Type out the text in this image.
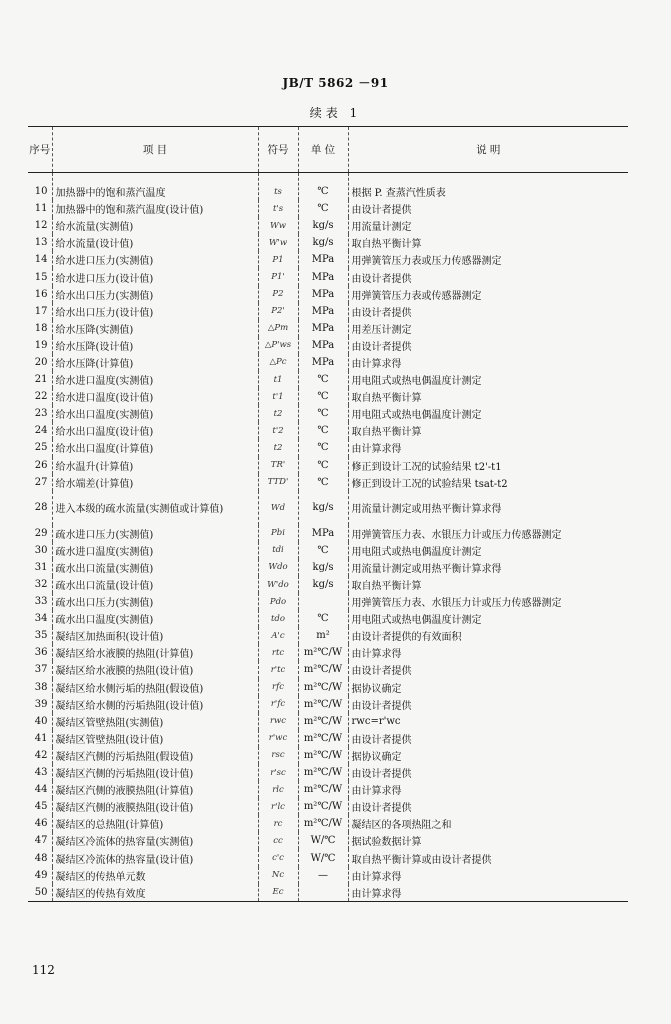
JB/T 5862 －91
续表 1
序号	项 目	符号	单 位	说 明
10	加热器中的饱和蒸汽温度	ts	℃	根据 P. 查蒸汽性质表
11	加热器中的饱和蒸汽温度(设计值)	t's	℃	由设计者提供
12	给水流量(实测值)	Ww	kg/s	用流量计测定
13	给水流量(设计值)	W'w	kg/s	取自热平衡计算
14	给水进口压力(实测值)	P1	MPa	用弹簧管压力表或压力传感器测定
15	给水进口压力(设计值)	P1'	MPa	由设计者提供
16	给水出口压力(实测值)	P2	MPa	用弹簧管压力表或传感器测定
17	给水出口压力(设计值)	P2'	MPa	由设计者提供
18	给水压降(实测值)	△Pm	MPa	用差压计测定
19	给水压降(设计值)	△P'ws	MPa	由设计者提供
20	给水压降(计算值)	△Pc	MPa	由计算求得
21	给水进口温度(实测值)	t1	℃	用电阻式或热电偶温度计测定
22	给水进口温度(设计值)	t'1	℃	取自热平衡计算
23	给水出口温度(实测值)	t2	℃	用电阻式或热电偶温度计测定
24	给水出口温度(设计值)	t'2	℃	取自热平衡计算
25	给水出口温度(计算值)	t2	℃	由计算求得
26	给水温升(计算值)	TR'	℃	修正到设计工况的试验结果 t2'-t1
27	给水端差(计算值)	TTD'	℃	修正到设计工况的试验结果 tsat-t2
28	进入本级的疏水流量(实测值或计算值)	Wd	kg/s	用流量计测定或用热平衡计算求得
29	疏水进口压力(实测值)	Pbi	MPa	用弹簧管压力表、水银压力计或压力传感器测定
30	疏水进口温度(实测值)	tdi	℃	用电阻式或热电偶温度计测定
31	疏水出口流量(实测值)	Wdo	kg/s	用流量计测定或用热平衡计算求得
32	疏水出口流量(设计值)	W'do	kg/s	取自热平衡计算
33	疏水出口压力(实测值)	Pdo		用弹簧管压力表、水银压力计或压力传感器测定
34	疏水出口温度(实测值)	tdo	℃	用电阻式或热电偶温度计测定
35	凝结区加热面积(设计值)	A'c	m²	由设计者提供的有效面积
36	凝结区给水液膜的热阻(计算值)	rtc	m²℃/W	由计算求得
37	凝结区给水液膜的热阻(设计值)	r'tc	m²℃/W	由设计者提供
38	凝结区给水侧污垢的热阻(假设值)	rfc	m²℃/W	据协议确定
39	凝结区给水侧的污垢热阻(设计值)	r'fc	m²℃/W	由设计者提供
40	凝结区管壁热阻(实测值)	rwc	m²℃/W	rwc=r'wc
41	凝结区管壁热阻(设计值)	r'wc	m²℃/W	由设计者提供
42	凝结区汽侧的污垢热阻(假设值)	rsc	m²℃/W	据协议确定
43	凝结区汽侧的污垢热阻(设计值)	r'sc	m²℃/W	由设计者提供
44	凝结区汽侧的液膜热阻(计算值)	rlc	m²℃/W	由计算求得
45	凝结区汽侧的液膜热阻(设计值)	r'lc	m²℃/W	由设计者提供
46	凝结区的总热阻(计算值)	rc	m²℃/W	凝结区的各项热阻之和
47	凝结区冷流体的热容量(实测值)	cc	W/℃	据试验数据计算
48	凝结区冷流体的热容量(设计值)	c'c	W/℃	取自热平衡计算或由设计者提供
49	凝结区的传热单元数	Nc	—	由计算求得
50	凝结区的传热有效度	Ec		由计算求得
112
